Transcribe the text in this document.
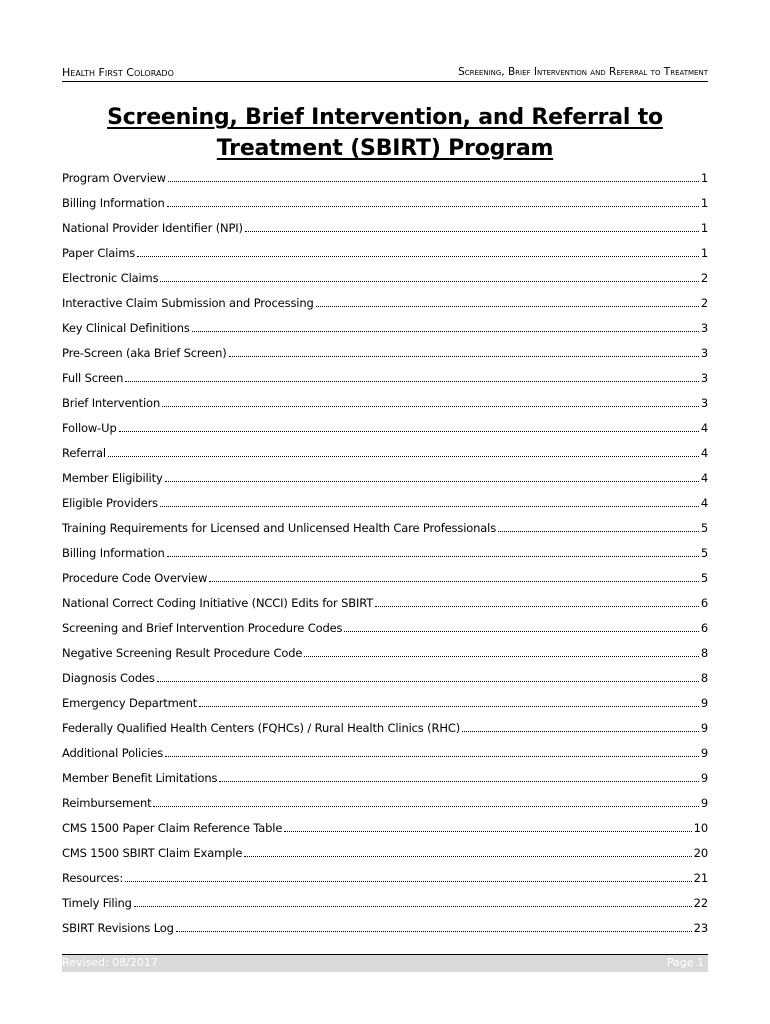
Health First Colorado	Screening, Brief Intervention and Referral to Treatment
Screening, Brief Intervention, and Referral to
Treatment (SBIRT) Program
Program Overview	1
Billing Information	1
National Provider Identifier (NPI)	1
Paper Claims	1
Electronic Claims	2
Interactive Claim Submission and Processing	2
Key Clinical Definitions	3
Pre-Screen (aka Brief Screen)	3
Full Screen	3
Brief Intervention	3
Follow-Up	4
Referral	4
Member Eligibility	4
Eligible Providers	4
Training Requirements for Licensed and Unlicensed Health Care Professionals	5
Billing Information	5
Procedure Code Overview	5
National Correct Coding Initiative (NCCI) Edits for SBIRT	6
Screening and Brief Intervention Procedure Codes	6
Negative Screening Result Procedure Code	8
Diagnosis Codes	8
Emergency Department	9
Federally Qualified Health Centers (FQHCs) / Rural Health Clinics (RHC)	9
Additional Policies	9
Member Benefit Limitations	9
Reimbursement	9
CMS 1500 Paper Claim Reference Table	10
CMS 1500 SBIRT Claim Example	20
Resources:	21
Timely Filing	22
SBIRT Revisions Log	23
Revised: 08/2017	Page 1
